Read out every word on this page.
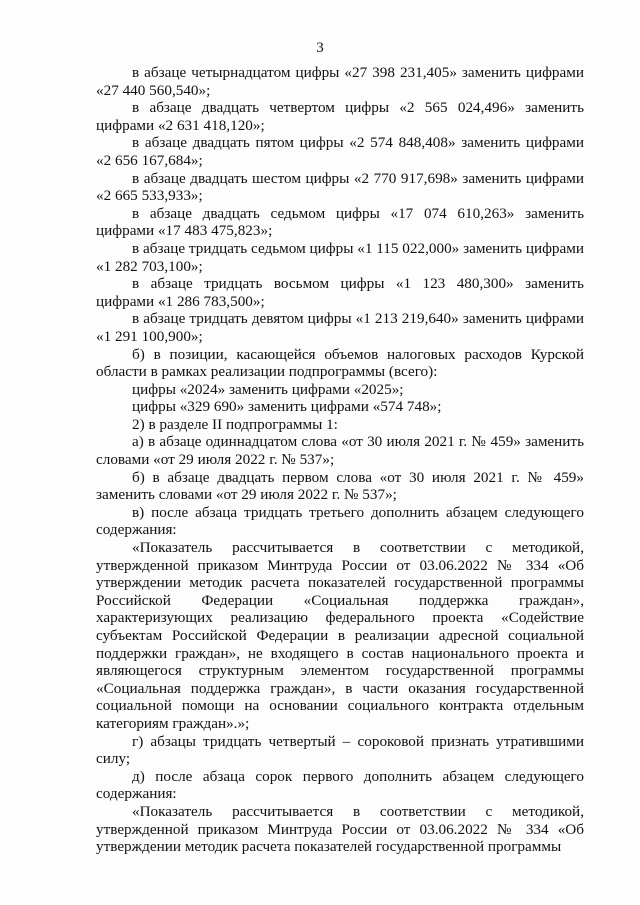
3

в абзаце четырнадцатом цифры «27 398 231,405» заменить цифрами «27 440 560,540»;

в абзаце двадцать четвертом цифры «2 565 024,496» заменить цифрами «2 631 418,120»;

в абзаце двадцать пятом цифры «2 574 848,408» заменить цифрами «2 656 167,684»;

в абзаце двадцать шестом цифры «2 770 917,698» заменить цифрами «2 665 533,933»;

в абзаце двадцать седьмом цифры «17 074 610,263» заменить цифрами «17 483 475,823»;

в абзаце тридцать седьмом цифры «1 115 022,000» заменить цифрами «1 282 703,100»;

в абзаце тридцать восьмом цифры «1 123 480,300» заменить цифрами «1 286 783,500»;

в абзаце тридцать девятом цифры «1 213 219,640» заменить цифрами «1 291 100,900»;

б) в позиции, касающейся объемов налоговых расходов Курской области в рамках реализации подпрограммы (всего):

цифры «2024» заменить цифрами «2025»;

цифры «329 690» заменить цифрами «574 748»;

2) в разделе II подпрограммы 1:

а) в абзаце одиннадцатом слова «от 30 июля 2021 г. № 459» заменить словами «от 29 июля 2022 г. № 537»;

б) в абзаце двадцать первом слова «от 30 июля 2021 г. № 459» заменить словами «от 29 июля 2022 г. № 537»;

в) после абзаца тридцать третьего дополнить абзацем следующего содержания:

«Показатель рассчитывается в соответствии с методикой, утвержденной приказом Минтруда России от 03.06.2022 № 334 «Об утверждении методик расчета показателей государственной программы Российской Федерации «Социальная поддержка граждан», характеризующих реализацию федерального проекта «Содействие субъектам Российской Федерации в реализации адресной социальной поддержки граждан», не входящего в состав национального проекта и являющегося структурным элементом государственной программы «Социальная поддержка граждан», в части оказания государственной социальной помощи на основании социального контракта отдельным категориям граждан».»;

г) абзацы тридцать четвертый – сороковой признать утратившими силу;

д) после абзаца сорок первого дополнить абзацем следующего содержания:

«Показатель рассчитывается в соответствии с методикой, утвержденной приказом Минтруда России от 03.06.2022 № 334 «Об утверждении методик расчета показателей государственной программы
